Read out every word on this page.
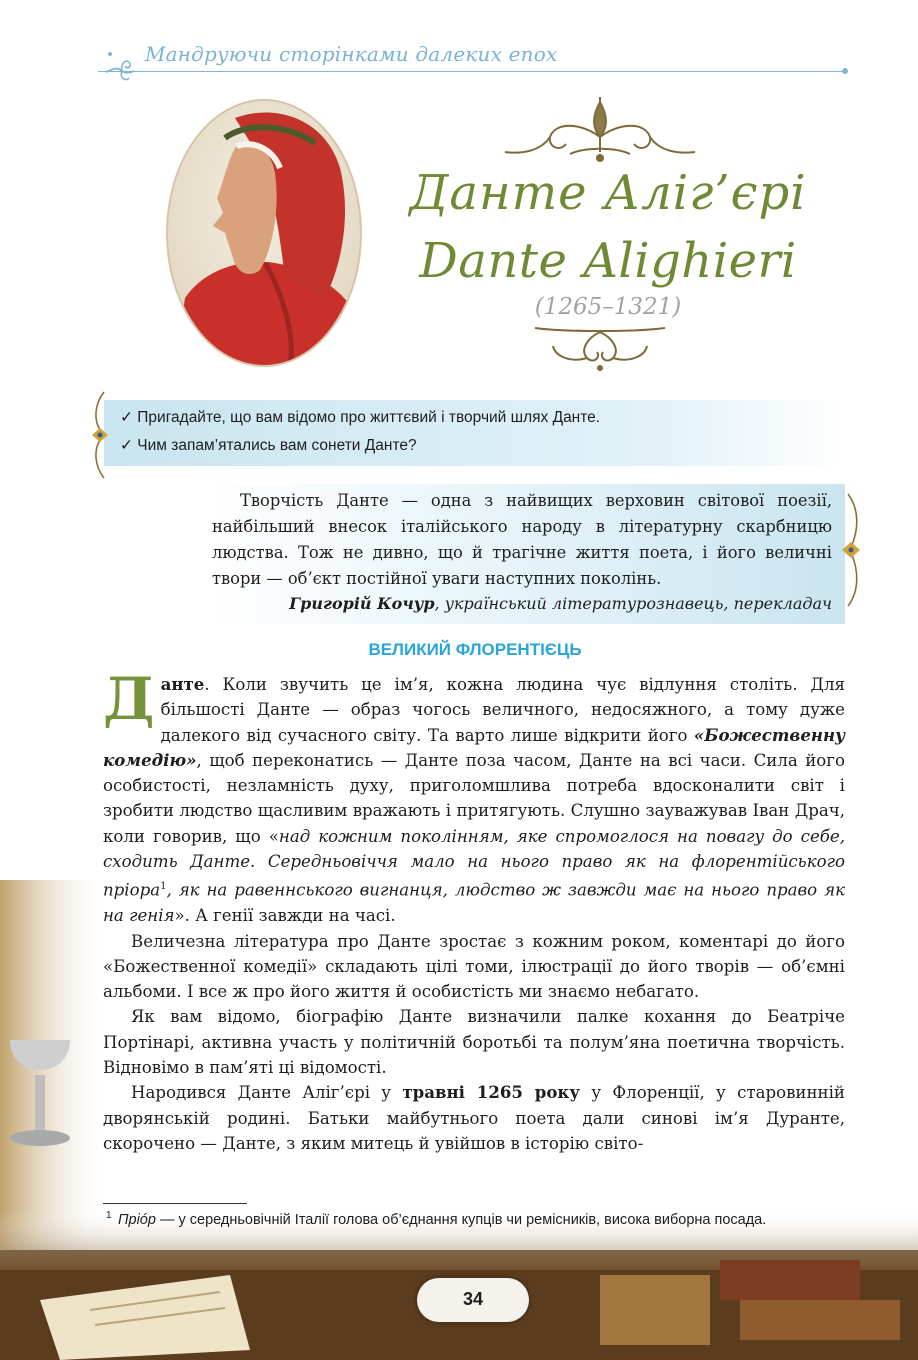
Мандруючи сторінками далеких епох
Данте Аліг’єрі
Dante Alighieri
(1265–1321)
✓ Пригадайте, що вам відомо про життєвий і творчий шлях Данте.
✓ Чим запам’ятались вам сонети Данте?
Творчість Данте — одна з найвищих верховин світової поезії, найбільший внесок італійського народу в літературну скарбницю людства. Тож не дивно, що й трагічне життя поета, і його величні твори — об’єкт постійної уваги наступних поколінь.
Григорій Кочур, український літературознавець, перекладач
ВЕЛИКИЙ ФЛОРЕНТІЄЦЬ

Данте. Коли звучить це ім’я, кожна людина чує відлуння століть. Для більшості Данте — образ чогось величного, недосяжного, а тому дуже далекого від сучасного світу. Та варто лише відкрити його «Божественну комедію», щоб переконатись — Данте поза часом, Данте на всі часи. Сила його особистості, незламність духу, приголомшлива потреба вдосконалити світ і зробити людство щасливим вражають і притягують. Слушно зауважував Іван Драч, коли говорив, що «над кожним поколінням, яке спромоглося на повагу до себе, сходить Данте. Середньовіччя мало на нього право як на флорентійського пріора$^1$, як на равеннського вигнанця, людство ж завжди має на нього право як на генія». А генії завжди на часі.

Величезна література про Данте зростає з кожним роком, коментарі до його «Божественної комедії» складають цілі томи, ілюстрації до його творів — об’ємні альбоми. І все ж про його життя й особистість ми знаємо небагато.

Як вам відомо, біографію Данте визначили палке кохання до Беатріче Портінарі, активна участь у політичній боротьбі та полум’яна поетична творчість. Відновімо в пам’яті ці відомості.

Народився Данте Аліг’єрі у травні 1265 року у Флоренції, у старовинній дворянській родині. Батьки майбутнього поета дали синові ім’я Дуранте, скорочено — Данте, з яким митець й увійшов в історію світо-

1 Пріóр — у середньовічній Італії голова об’єднання купців чи ремісників, висока виборна посада.
34
